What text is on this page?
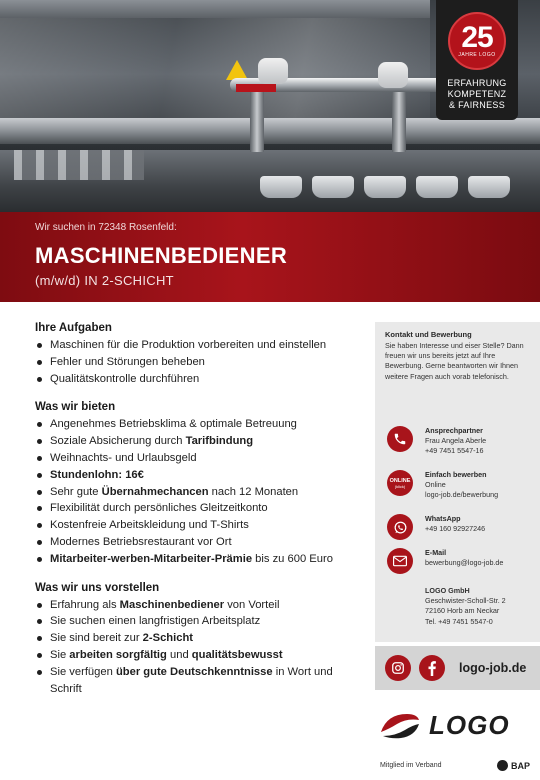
25
JAHRE LOGO
ERFAHRUNG
KOMPETENZ
& FAIRNESS
Wir suchen in 72348 Rosenfeld:
MASCHINENBEDIENER
(m/w/d) IN 2-SCHICHT
Ihre Aufgaben
Maschinen für die Produktion vorbereiten und einstellen
Fehler und Störungen beheben
Qualitätskontrolle durchführen
Was wir bieten
Angenehmes Betriebsklima & optimale Betreuung
Soziale Absicherung durch Tarifbindung
Weihnachts- und Urlaubsgeld
Stundenlohn: 16€
Sehr gute Übernahmechancen nach 12 Monaten
Flexibilität durch persönliches Gleitzeitkonto
Kostenfreie Arbeitskleidung und T-Shirts
Modernes Betriebsrestaurant vor Ort
Mitarbeiter-werben-Mitarbeiter-Prämie bis zu 600 Euro
Was wir uns vorstellen
Erfahrung als Maschinenbediener von Vorteil
Sie suchen einen langfristigen Arbeitsplatz
Sie sind bereit zur 2-Schicht
Sie arbeiten sorgfältig und qualitätsbewusst
Sie verfügen über gute Deutschkenntnisse in Wort und Schrift
Kontakt und Bewerbung
Sie haben Interesse und eiser Stelle? Dann freuen wir uns bereits jetzt auf Ihre Bewerbung. Gerne beantworten wir Ihnen weitere Fragen auch vorab telefonisch.
Ansprechpartner
Frau Angela Aberle
+49 7451 5547-16
ONLINE
(klick)
Einfach bewerben
Online
logo-job.de/bewerbung
WhatsApp
+49 160 92927246
E-Mail
bewerbung@logo-job.de
LOGO GmbH
Geschwister-Scholl-Str. 2
72160 Horb am Neckar
Tel. +49 7451 5547-0
logo-job.de
LOGO
Mitglied im Verband	BAP
